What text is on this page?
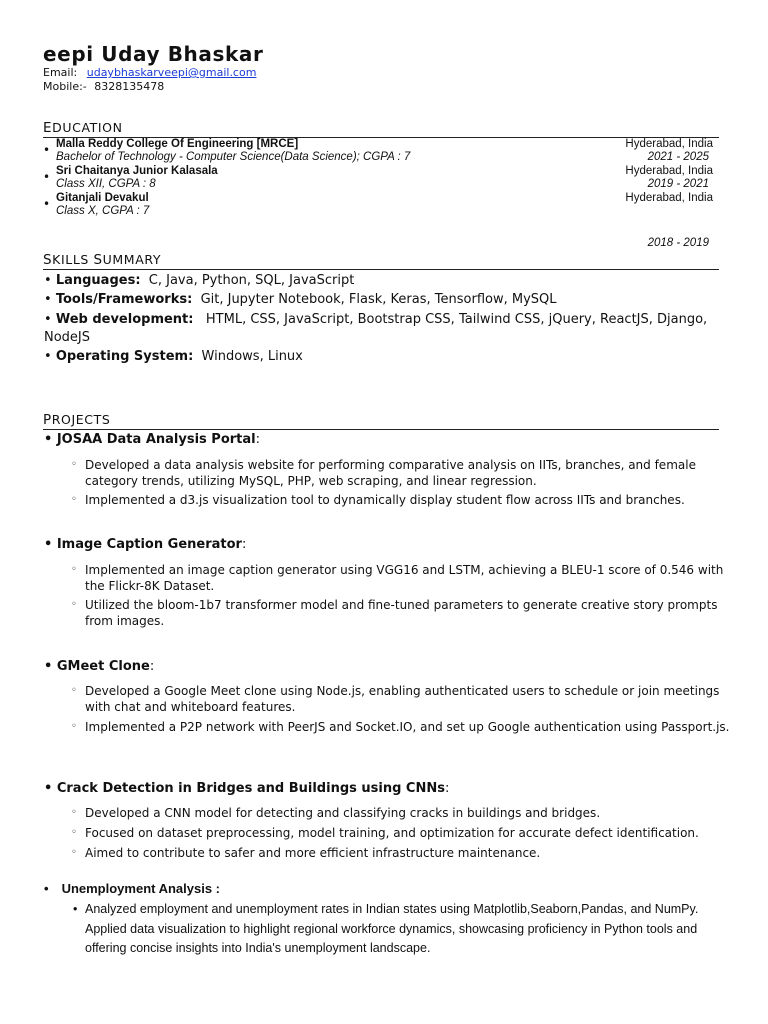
eepi Uday Bhaskar
Email: udaybhaskarveepi@gmail.com
Mobile:- 8328135478
EDUCATION
• Malla Reddy College Of Engineering [MRCE]
Bachelor of Technology - Computer Science(Data Science); CGPA : 7
Hyderabad, India
2021 - 2025
• Sri Chaitanya Junior Kalasala
Class XII, CGPA : 8
Hyderabad, India
2019 - 2021
• Gitanjali Devakul
Class X, CGPA : 7
Hyderabad, India
2018 - 2019
SKILLS SUMMARY
• Languages: C, Java, Python, SQL, JavaScript
• Tools/Frameworks: Git, Jupyter Notebook, Flask, Keras, Tensorflow, MySQL
• Web development: HTML, CSS, JavaScript, Bootstrap CSS, Tailwind CSS, jQuery, ReactJS, Django, NodeJS
• Operating System: Windows, Linux
PROJECTS
• JOSAA Data Analysis Portal:
◦ Developed a data analysis website for performing comparative analysis on IITs, branches, and female category trends, utilizing MySQL, PHP, web scraping, and linear regression.
◦ Implemented a d3.js visualization tool to dynamically display student flow across IITs and branches.
• Image Caption Generator:
◦ Implemented an image caption generator using VGG16 and LSTM, achieving a BLEU-1 score of 0.546 with the Flickr-8K Dataset.
◦ Utilized the bloom-1b7 transformer model and fine-tuned parameters to generate creative story prompts from images.
• GMeet Clone:
◦ Developed a Google Meet clone using Node.js, enabling authenticated users to schedule or join meetings with chat and whiteboard features.
◦ Implemented a P2P network with PeerJS and Socket.IO, and set up Google authentication using Passport.js.
• Crack Detection in Bridges and Buildings using CNNs:
◦ Developed a CNN model for detecting and classifying cracks in buildings and bridges.
◦ Focused on dataset preprocessing, model training, and optimization for accurate defect identification.
◦ Aimed to contribute to safer and more efficient infrastructure maintenance.
• Unemployment Analysis :
• Analyzed employment and unemployment rates in Indian states using Matplotlib,Seaborn,Pandas, and NumPy. Applied data visualization to highlight regional workforce dynamics, showcasing proficiency in Python tools and offering concise insights into India's unemployment landscape.
